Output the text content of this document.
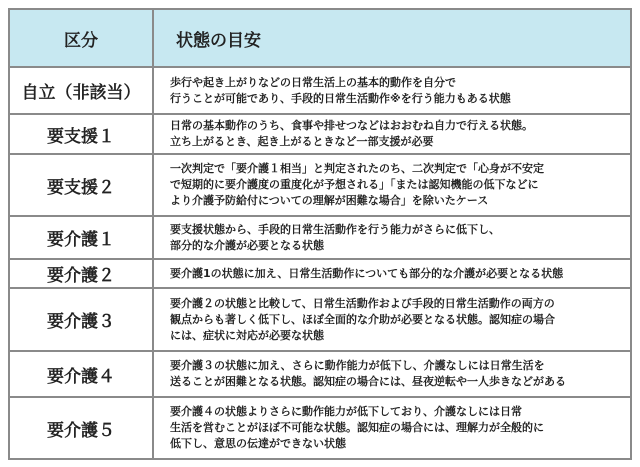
区分	状態の目安
自立（非該当）	歩行や起き上がりなどの日常生活上の基本的動作を自分で
行うことが可能であり、手段的日常生活動作※を行う能力もある状態

要支援１	日常の基本動作のうち、食事や排せつなどはおおむね自力で行える状態。
立ち上がるとき、起き上がるときなど一部支援が必要

要支援２	一次判定で「要介護１相当」と判定されたのち、二次判定で「心身が不安定
で短期的に要介護度の重度化が予想される」「または認知機能の低下などに
より介護予防給付についての理解が困難な場合」を除いたケース

要介護１	要支援状態から、手段的日常生活動作を行う能力がさらに低下し、
部分的な介護が必要となる状態

要介護２	要介護1の状態に加え、日常生活動作についても部分的な介護が必要となる状態

要介護３	要介護２の状態と比較して、日常生活動作および手段的日常生活動作の両方の
観点からも著しく低下し、ほぼ全面的な介助が必要となる状態。認知症の場合
には、症状に対応が必要な状態

要介護４	要介護３の状態に加え、さらに動作能力が低下し、介護なしには日常生活を
送ることが困難となる状態。認知症の場合には、昼夜逆転や一人歩きなどがある

要介護５	要介護４の状態よりさらに動作能力が低下しており、介護なしには日常
生活を営むことがほぼ不可能な状態。認知症の場合には、理解力が全般的に
低下し、意思の伝達ができない状態
